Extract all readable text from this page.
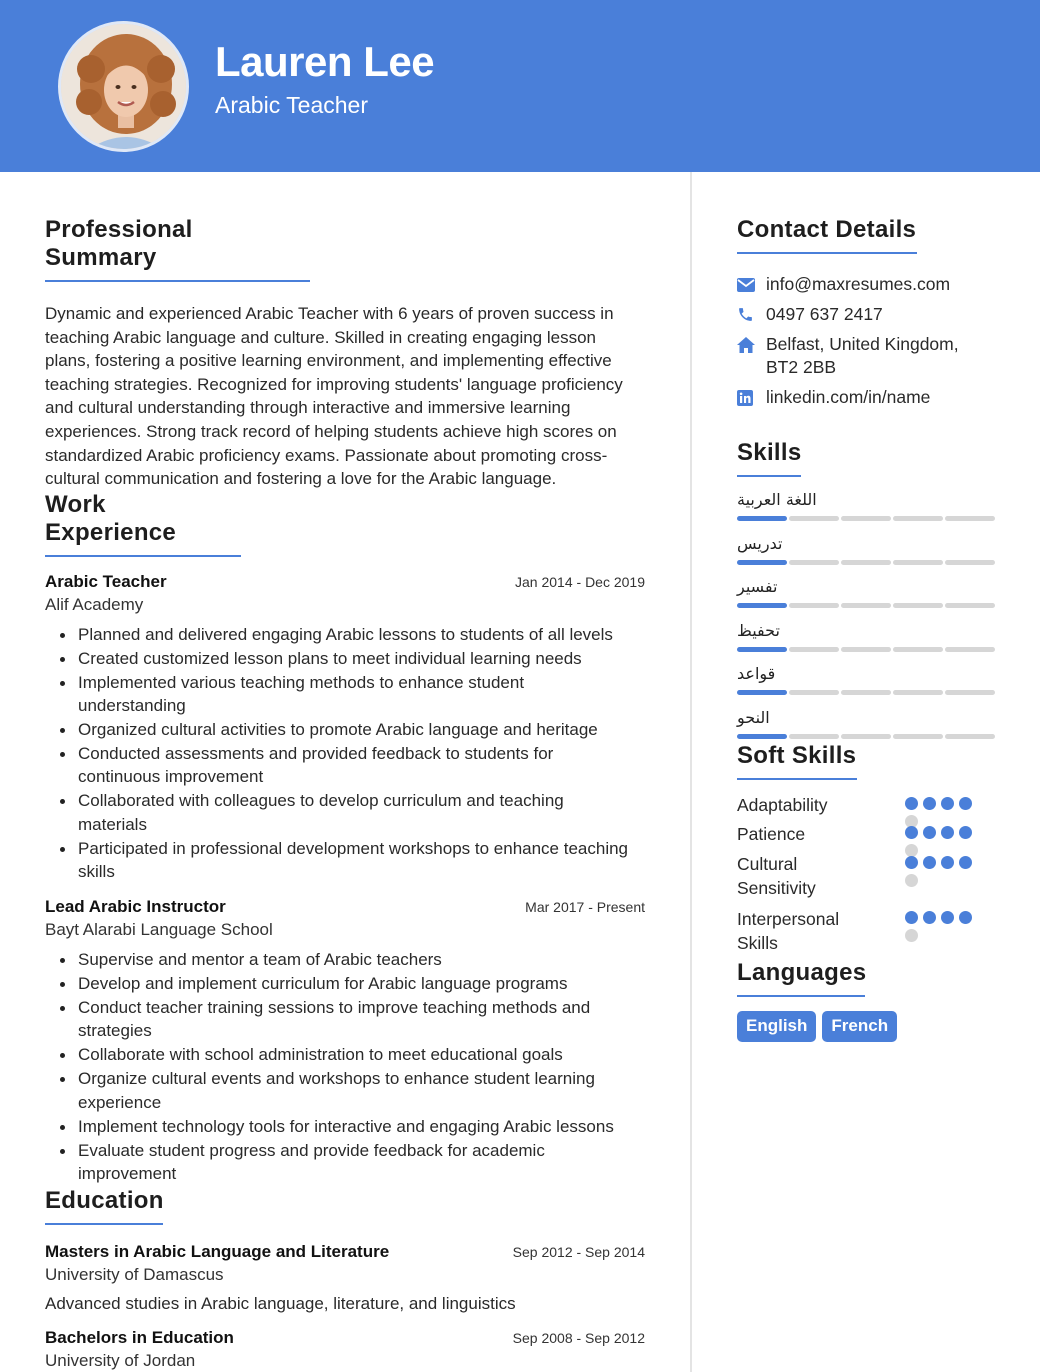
Lauren Lee
Arabic Teacher
Professional Summary
Dynamic and experienced Arabic Teacher with 6 years of proven success in teaching Arabic language and culture. Skilled in creating engaging lesson plans, fostering a positive learning environment, and implementing effective teaching strategies. Recognized for improving students' language proficiency and cultural understanding through interactive and immersive learning experiences. Strong track record of helping students achieve high scores on standardized Arabic proficiency exams. Passionate about promoting cross-cultural communication and fostering a love for the Arabic language.
Work Experience
Arabic Teacher	Jan 2014 - Dec 2019
Alif Academy
Planned and delivered engaging Arabic lessons to students of all levels
Created customized lesson plans to meet individual learning needs
Implemented various teaching methods to enhance student understanding
Organized cultural activities to promote Arabic language and heritage
Conducted assessments and provided feedback to students for continuous improvement
Collaborated with colleagues to develop curriculum and teaching materials
Participated in professional development workshops to enhance teaching skills
Lead Arabic Instructor	Mar 2017 - Present
Bayt Alarabi Language School
Supervise and mentor a team of Arabic teachers
Develop and implement curriculum for Arabic language programs
Conduct teacher training sessions to improve teaching methods and strategies
Collaborate with school administration to meet educational goals
Organize cultural events and workshops to enhance student learning experience
Implement technology tools for interactive and engaging Arabic lessons
Evaluate student progress and provide feedback for academic improvement
Education
Masters in Arabic Language and Literature	Sep 2012 - Sep 2014
University of Damascus
Advanced studies in Arabic language, literature, and linguistics
Bachelors in Education	Sep 2008 - Sep 2012
University of Jordan
Contact Details
info@maxresumes.com
0497 637 2417
Belfast, United Kingdom,
BT2 2BB
linkedin.com/in/name
Skills
اللغة العربية
تدريس
تفسير
تحفيظ
قواعد
النحو
Soft Skills
Adaptability
Patience
Cultural
Sensitivity
Interpersonal
Skills
Languages
English	French
